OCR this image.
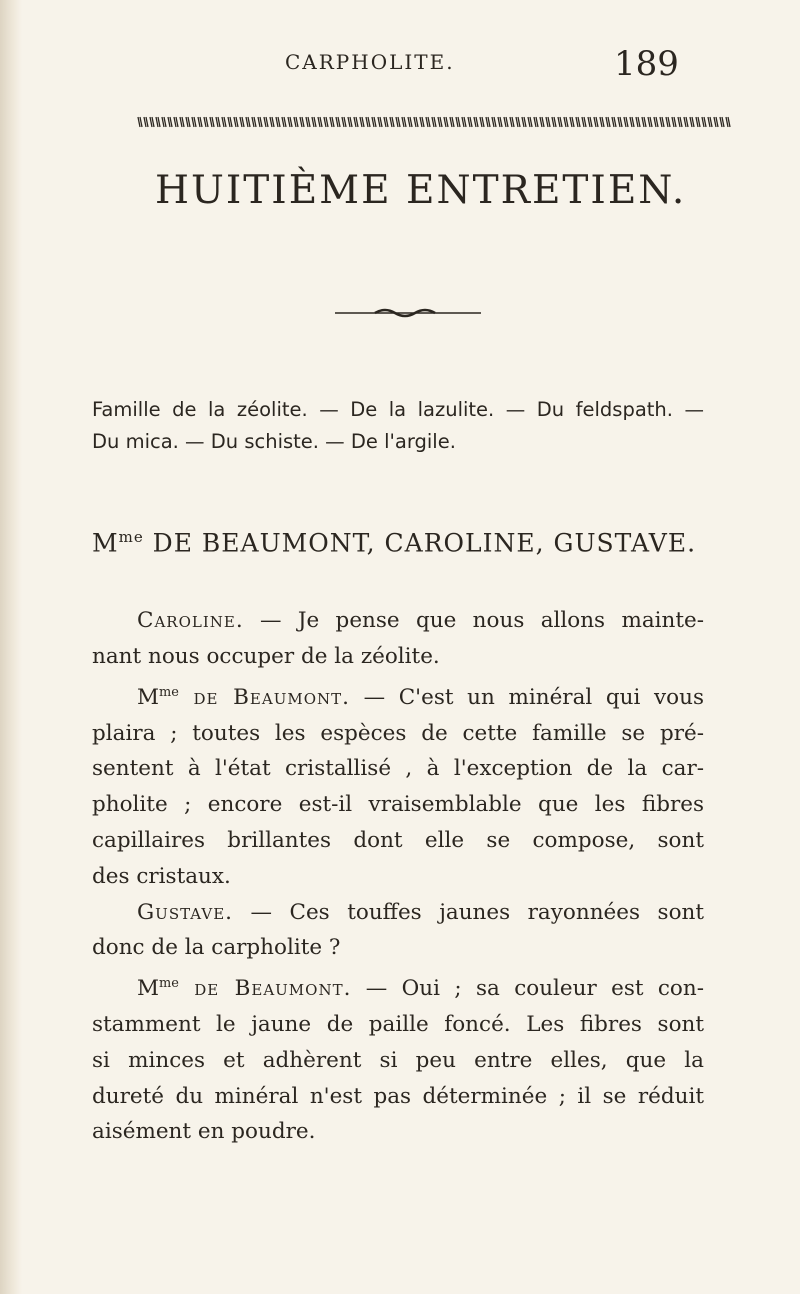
CARPHOLITE.	189
HUITIÈME ENTRETIEN.

Famille de la zéolite. — De la lazulite. — Du feldspath. —

Du mica. — Du schiste. — De l'argile.

$M^{me}$ DE BEAUMONT, CAROLINE, GUSTAVE.

Caroline. — Je pense que nous allons mainte-
nant nous occuper de la zéolite.

$M^{me}$ de Beaumont. — C'est un minéral qui vous
plaira ; toutes les espèces de cette famille se pré-
sentent à l'état cristallisé , à l'exception de la car-
pholite ; encore est-il vraisemblable que les fibres
capillaires brillantes dont elle se compose, sont
des cristaux.

Gustave. — Ces touffes jaunes rayonnées sont
donc de la carpholite ?

$M^{me}$ de Beaumont. — Oui ; sa couleur est con-
stamment le jaune de paille foncé. Les fibres sont
si minces et adhèrent si peu entre elles, que la
dureté du minéral n'est pas déterminée ; il se réduit
aisément en poudre.
